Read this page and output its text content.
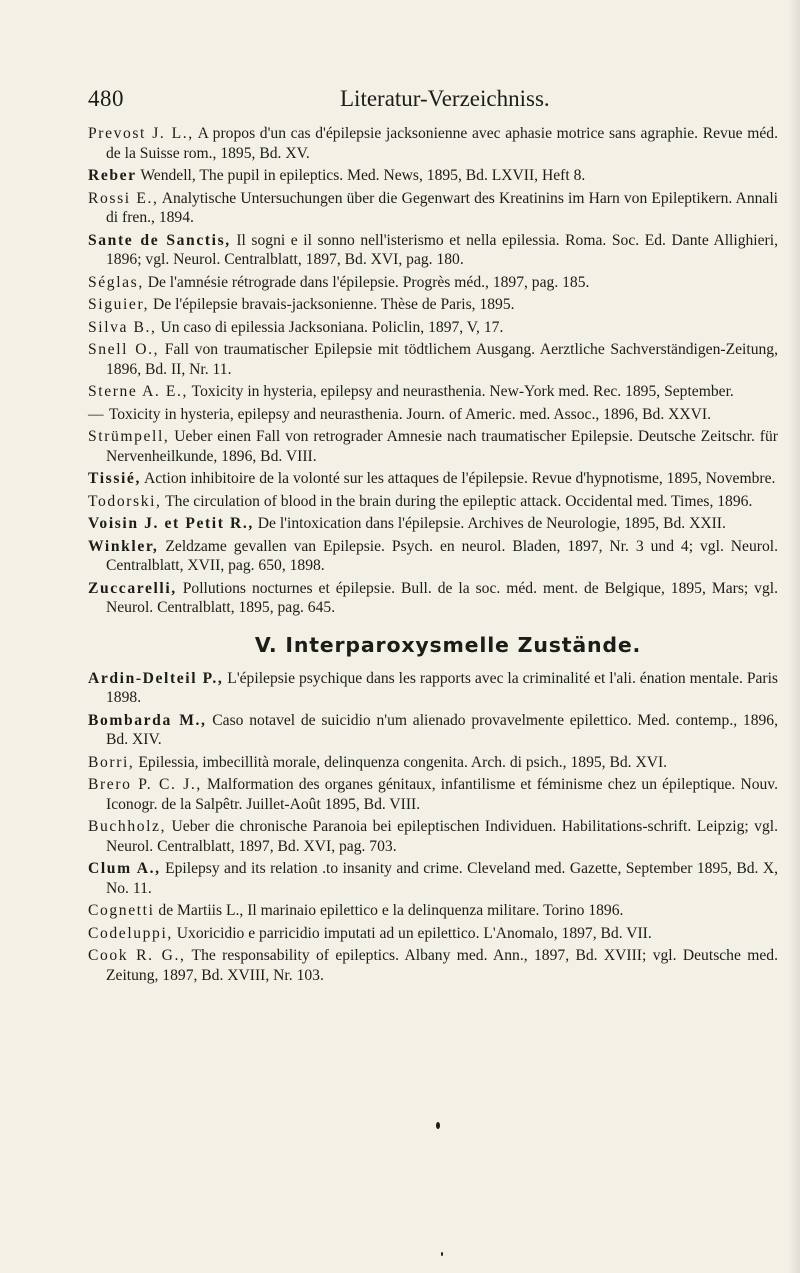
480	Literatur-Verzeichniss.

Prevost J. L., A propos d'un cas d'épilepsie jacksonienne avec aphasie motrice sans agraphie. Revue méd. de la Suisse rom., 1895, Bd. XV.

Reber Wendell, The pupil in epileptics. Med. News, 1895, Bd. LXVII, Heft 8.

Rossi E., Analytische Untersuchungen über die Gegenwart des Kreatinins im Harn von Epileptikern. Annali di fren., 1894.

Sante de Sanctis, Il sogni e il sonno nell'isterismo et nella epilessia. Roma. Soc. Ed. Dante Allighieri, 1896; vgl. Neurol. Centralblatt, 1897, Bd. XVI, pag. 180.

Séglas, De l'amnésie rétrograde dans l'épilepsie. Progrès méd., 1897, pag. 185.

Siguier, De l'épilepsie bravais-jacksonienne. Thèse de Paris, 1895.

Silva B., Un caso di epilessia Jacksoniana. Policlin, 1897, V, 17.

Snell O., Fall von traumatischer Epilepsie mit tödtlichem Ausgang. Aerztliche Sachverständigen-Zeitung, 1896, Bd. II, Nr. 11.

Sterne A. E., Toxicity in hysteria, epilepsy and neurasthenia. New-York med. Rec. 1895, September.

— Toxicity in hysteria, epilepsy and neurasthenia. Journ. of Americ. med. Assoc., 1896, Bd. XXVI.

Strümpell, Ueber einen Fall von retrograder Amnesie nach traumatischer Epilepsie. Deutsche Zeitschr. für Nervenheilkunde, 1896, Bd. VIII.

Tissié, Action inhibitoire de la volonté sur les attaques de l'épilepsie. Revue d'hypnotisme, 1895, Novembre.

Todorski, The circulation of blood in the brain during the epileptic attack. Occidental med. Times, 1896.

Voisin J. et Petit R., De l'intoxication dans l'épilepsie. Archives de Neurologie, 1895, Bd. XXII.

Winkler, Zeldzame gevallen van Epilepsie. Psych. en neurol. Bladen, 1897, Nr. 3 und 4; vgl. Neurol. Centralblatt, XVII, pag. 650, 1898.

Zuccarelli, Pollutions nocturnes et épilepsie. Bull. de la soc. méd. ment. de Belgique, 1895, Mars; vgl. Neurol. Centralblatt, 1895, pag. 645.

V. Interparoxysmelle Zustände.

Ardin-Delteil P., L'épilepsie psychique dans les rapports avec la criminalité et l'ali. énation mentale. Paris 1898.

Bombarda M., Caso notavel de suicidio n'um alienado provavelmente epilettico. Med. contemp., 1896, Bd. XIV.

Borri, Epilessia, imbecillità morale, delinquenza congenita. Arch. di psich., 1895, Bd. XVI.

Brero P. C. J., Malformation des organes génitaux, infantilisme et féminisme chez un épileptique. Nouv. Iconogr. de la Salpêtr. Juillet-Août 1895, Bd. VIII.

Buchholz, Ueber die chronische Paranoia bei epileptischen Individuen. Habilitations-schrift. Leipzig; vgl. Neurol. Centralblatt, 1897, Bd. XVI, pag. 703.

Clum A., Epilepsy and its relation .to insanity and crime. Cleveland med. Gazette, September 1895, Bd. X, No. 11.

Cognetti de Martiis L., Il marinaio epilettico e la delinquenza militare. Torino 1896.

Codeluppi, Uxoricidio e parricidio imputati ad un epilettico. L'Anomalo, 1897, Bd. VII.

Cook R. G., The responsability of epileptics. Albany med. Ann., 1897, Bd. XVIII; vgl. Deutsche med. Zeitung, 1897, Bd. XVIII, Nr. 103.
